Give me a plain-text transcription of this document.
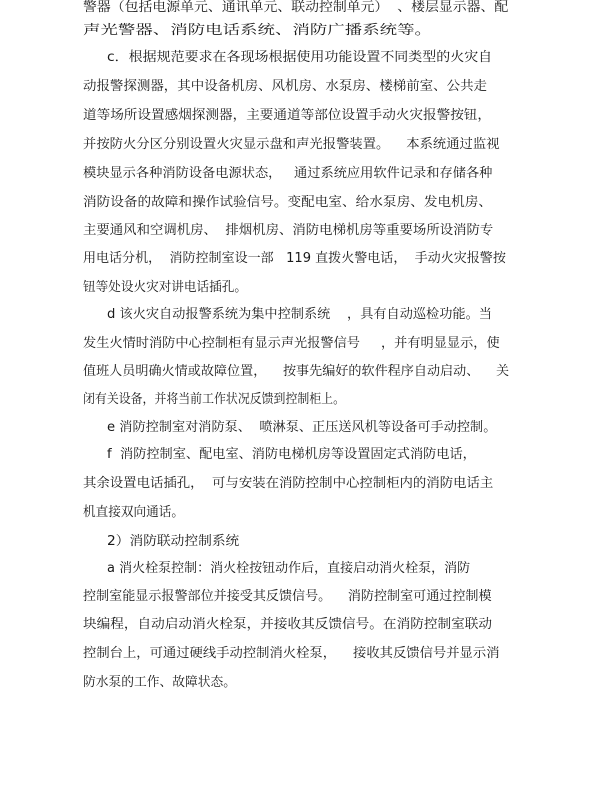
警器（包括电源单元、通讯单元、联动控制单元）  、楼层显示器、配
声光警器、消防电话系统、消防广播系统等。
c．根据规范要求在各现场根据使用功能设置不同类型的火灾自
动报警探测器，其中设备机房、风机房、水泵房、楼梯前室、公共走
道等场所设置感烟探测器，主要通道等部位设置手动火灾报警按钮，
并按防火分区分别设置火灾显示盘和声光报警装置。    本系统通过监视
模块显示各种消防设备电源状态，   通过系统应用软件记录和存储各种
消防设备的故障和操作试验信号。变配电室、给水泵房、发电机房、
主要通风和空调机房、  排烟机房、消防电梯机房等重要场所设消防专
用电话分机，  消防控制室设一部   119 直拨火警电话，  手动火灾报警按
钮等处设火灾对讲电话插孔。
d 该火灾自动报警系统为集中控制系统    ，具有自动巡检功能。当
发生火情时消防中心控制柜有显示声光报警信号     ，并有明显显示，使
值班人员明确火情或故障位置，    按事先编好的软件程序自动启动、    关
闭有关设备，并将当前工作状况反馈到控制柜上。
e 消防控制室对消防泵、  喷淋泵、正压送风机等设备可手动控制。
f  消防控制室、配电室、消防电梯机房等设置固定式消防电话，
其余设置电话插孔，  可与安装在消防控制中心控制柜内的消防电话主
机直接双向通话。
2）消防联动控制系统
a 消火栓泵控制：消火栓按钮动作后，直接启动消火栓泵，消防
控制室能显示报警部位并接受其反馈信号。    消防控制室可通过控制模
块编程，自动启动消火栓泵，并接收其反馈信号。在消防控制室联动
控制台上，可通过硬线手动控制消火栓泵，    接收其反馈信号并显示消
防水泵的工作、故障状态。
